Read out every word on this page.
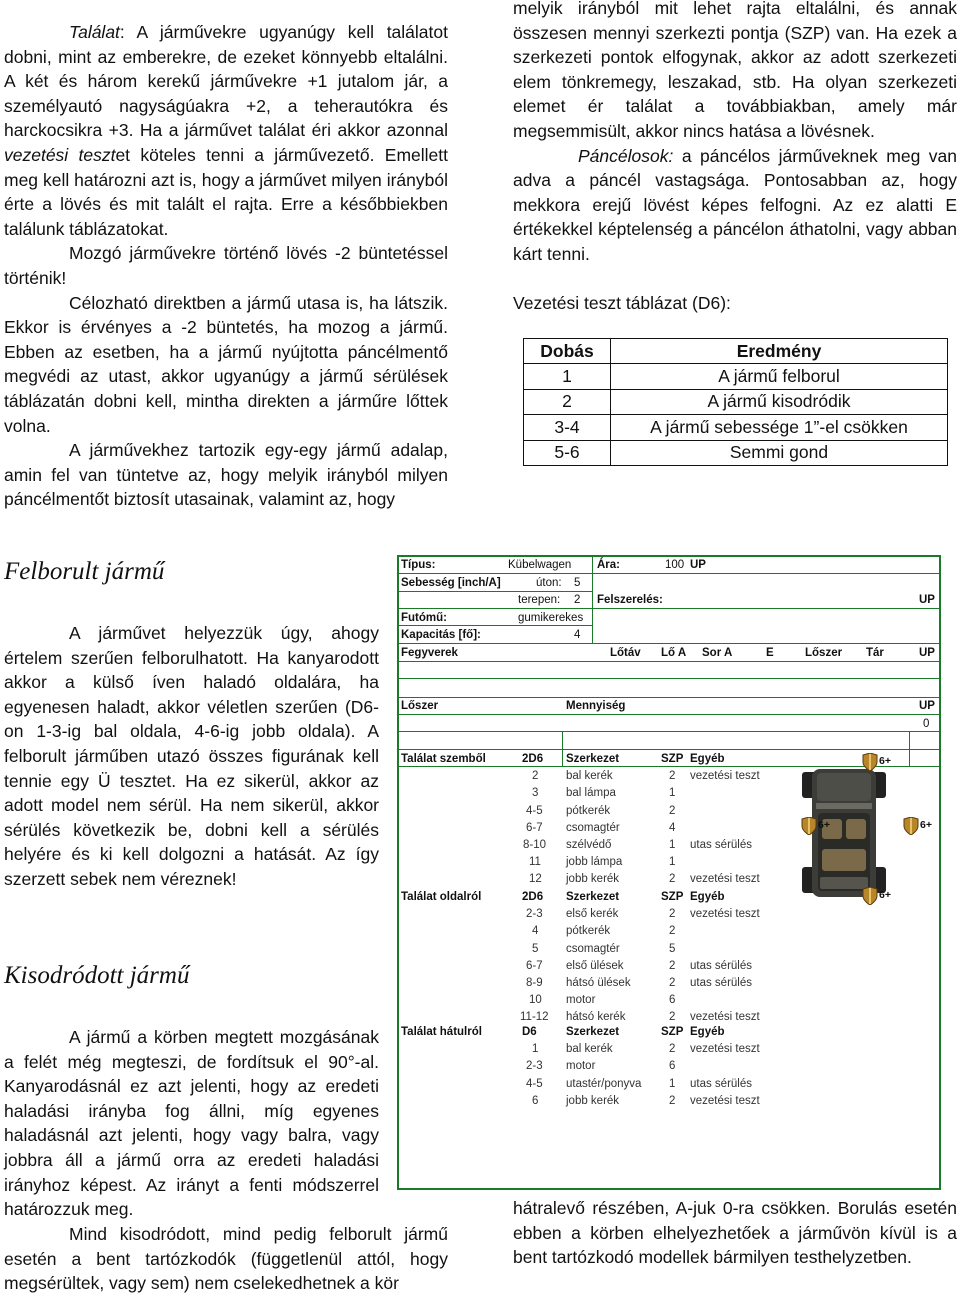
Találat: A járművekre ugyanúgy kell találatot dobni, mint az emberekre, de ezeket könnyebb eltalálni. A két és három kerekű járművekre +1 jutalom jár, a személyautó nagyságúakra +2, a teherautókra és harckocsikra +3. Ha a járművet találat éri akkor azonnal vezetési tesztet köteles tenni a járművezető. Emellett meg kell határozni azt is, hogy a járművet milyen irányból érte a lövés és mit talált el rajta. Erre a későbbiekben találunk táblázatokat.

Mozgó járművekre történő lövés -2 büntetéssel történik!

Célozható direktben a jármű utasa is, ha látszik. Ekkor is érvényes a -2 büntetés, ha mozog a jármű. Ebben az esetben, ha a jármű nyújtotta páncélmentő megvédi az utast, akkor ugyanúgy a jármű sérülések táblázatán dobni kell, mintha direkten a járműre lőttek volna.

A járművekhez tartozik egy-egy jármű adalap, amin fel van tüntetve az, hogy melyik irányból milyen páncélmentőt biztosít utasainak, valamint az, hogy

melyik irányból mit lehet rajta eltalálni, és annak összesen mennyi szerkezti pontja (SZP) van. Ha ezek a szerkezeti pontok elfogynak, akkor az adott szerkezeti elem tönkremegy, leszakad, stb. Ha olyan szerkezeti elemet ér találat a továbbiakban, amely már megsemmisült, akkor nincs hatása a lövésnek.

Páncélosok: a páncélos járműveknek meg van adva a páncél vastagsága. Pontosabban az, hogy mekkora erejű lövést képes felfogni. Az ez alatti E értékekkel képtelenség a páncélon áthatolni, vagy abban kárt tenni.

Vezetési teszt táblázat (D6):

Dobás	Eredmény
1	A jármű felborul
2	A jármű kisodródik
3-4	A jármű sebessége 1”-el csökken
5-6	Semmi gond
Felborult jármű

A járművet helyezzük úgy, ahogy értelem szerűen felborulhatott. Ha kanyarodott akkor a külső íven haladó oldalára, ha egyenesen haladt, akkor véletlen szerűen (D6-on 1-3-ig bal oldala, 4-6-ig jobb oldala). A felborult járműben utazó összes figurának kell tennie egy Ü tesztet. Ha ez sikerül, akkor az adott model nem sérül. Ha nem sikerül, akkor sérülés következik be, dobni kell a sérülés helyére és ki kell dolgozni a hatását. Az így szerzett sebek nem véreznek!

Kisodródott jármű

A jármű a körben megtett mozgásának a felét még megteszi, de fordítsuk el 90°-al. Kanyarodásnál ez azt jelenti, hogy az eredeti haladási irányba fog állni, míg egyenes haladásnál azt jelenti, hogy vagy balra, vagy jobbra áll a jármű orra az eredeti haladási irányhoz képest. Az irányt a fenti módszerrel határozzuk meg.

Mind kisodródott, mind pedig felborult jármű esetén a bent tartózkodók (függetlenül attól, hogy megsérültek, vagy sem) nem cselekedhetnek a kör

hátralevő részében, A-juk 0-ra csökken. Borulás esetén ebben a körben elhelyezhetőek a járművön kívül is a bent tartózkodó modellek bármilyen testhelyzetben.

Típus:	Kübelwagen Ára:	100 UP
Sebesség [inch/A]	úton: 5
terepen: 2 Felszerelés:	UP
Futómű:	gumikerekes
Kapacitás [fő]:	4
Fegyverek	Lőtáv Lő A Sor A	E	Lőszer Tár	UP
Lőszer	Mennyiség	UP
0
Találat szemből	2D6 Szerkezet	SZP Egyéb
2 bal kerék	2 vezetési teszt
3 bal lámpa	1
4-5 pótkerék	2
6-7 csomagtér	4
8-10 szélvédő	1 utas sérülés
11 jobb lámpa	1
12 jobb kerék	2 vezetési teszt
Találat oldalról	2D6 Szerkezet	SZP Egyéb
2-3 első kerék	2 vezetési teszt
4 pótkerék	2
5 csomagtér	5
6-7 első ülések	2 utas sérülés
8-9 hátsó ülések	2 utas sérülés
10 motor	6
11-12 hátsó kerék	2 vezetési teszt
Találat hátulról	D6	Szerkezet	SZP Egyéb
1 bal kerék	2 vezetési teszt
2-3 motor	6
4-5 utastér/ponyva 1 utas sérülés
6 jobb kerék	2 vezetési teszt
6+
6+	6+
6+
